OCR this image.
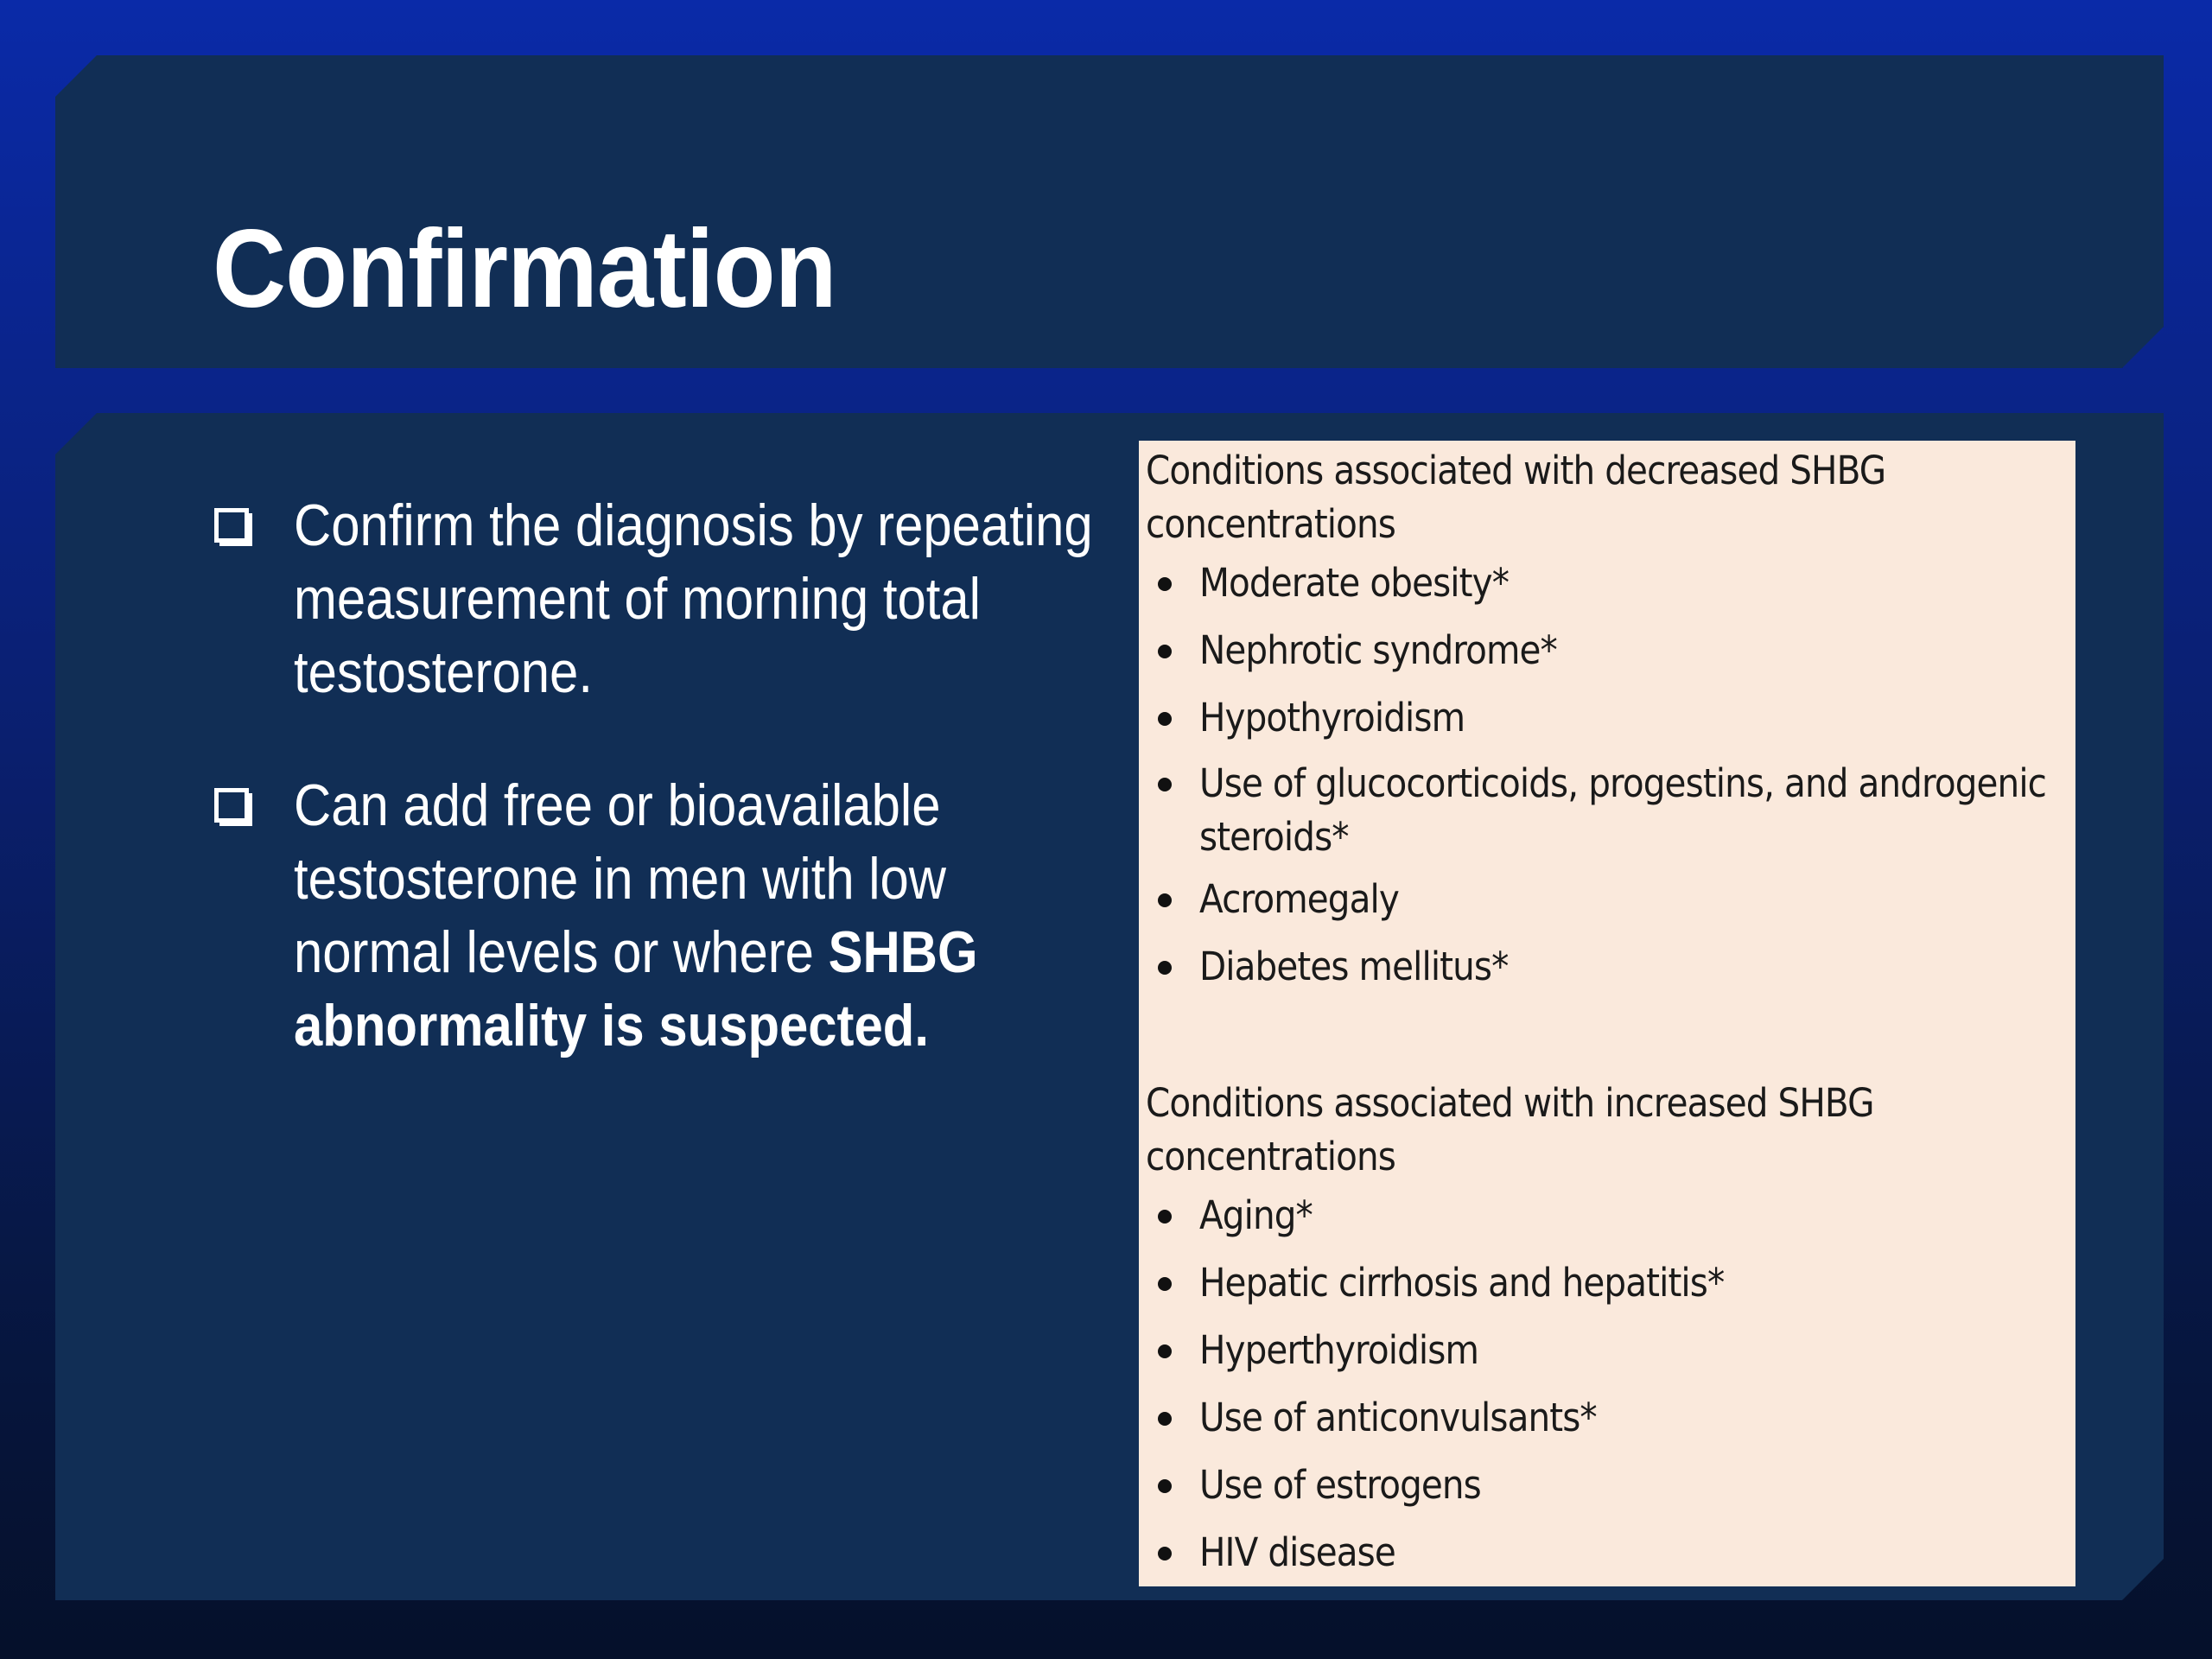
Confirmation
Confirm the diagnosis by repeating measurement of morning total testosterone.
Can add free or bioavailable testosterone in men with low normal levels or where SHBG abnormality is suspected.
Conditions associated with decreased SHBG concentrations
Moderate obesity*
Nephrotic syndrome*
Hypothyroidism
Use of glucocorticoids, progestins, and androgenic steroids*
Acromegaly
Diabetes mellitus*
Conditions associated with increased SHBG concentrations
Aging*
Hepatic cirrhosis and hepatitis*
Hyperthyroidism
Use of anticonvulsants*
Use of estrogens
HIV disease
